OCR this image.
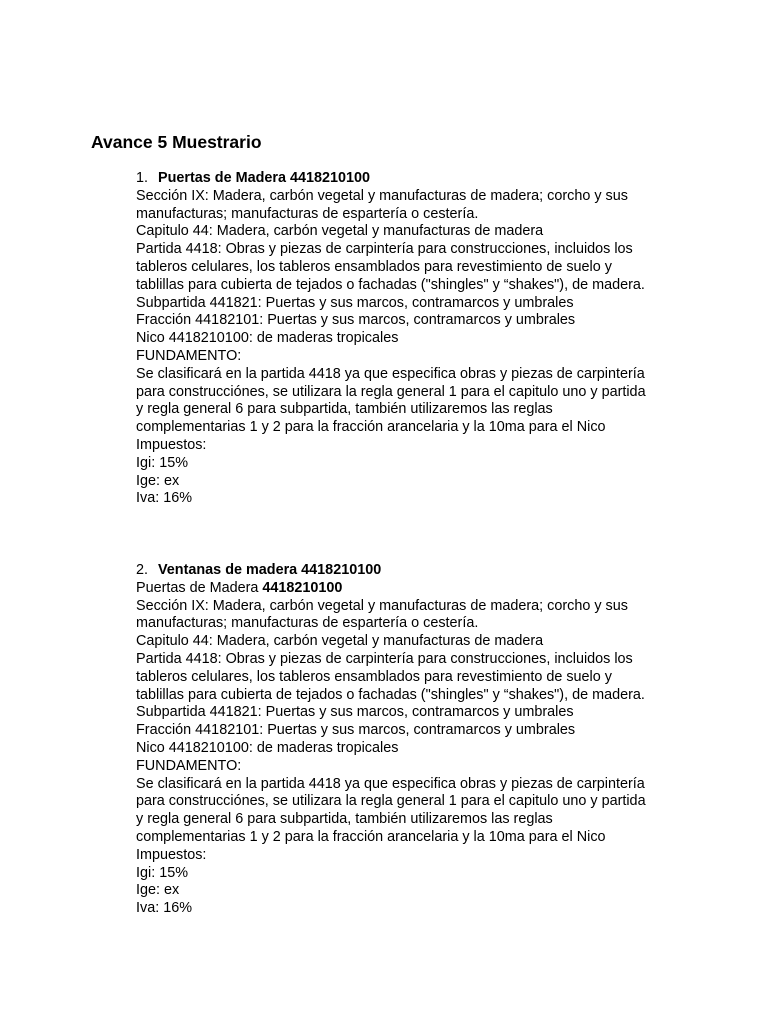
Avance 5 Muestrario
1. Puertas de Madera 4418210100
Sección IX: Madera, carbón vegetal y manufacturas de madera; corcho y sus
manufacturas; manufacturas de espartería o cestería.
Capitulo 44: Madera, carbón vegetal y manufacturas de madera
Partida 4418: Obras y piezas de carpintería para construcciones, incluidos los
tableros celulares, los tableros ensamblados para revestimiento de suelo y
tablillas para cubierta de tejados o fachadas ("shingles" y “shakes"), de madera.
Subpartida 441821: Puertas y sus marcos, contramarcos y umbrales
Fracción 44182101: Puertas y sus marcos, contramarcos y umbrales
Nico 4418210100: de maderas tropicales
FUNDAMENTO:
Se clasificará en la partida 4418 ya que especifica obras y piezas de carpintería
para construcciónes, se utilizara la regla general 1 para el capitulo uno y partida
y regla general 6 para subpartida, también utilizaremos las reglas
complementarias 1 y 2 para la fracción arancelaria y la 10ma para el Nico
Impuestos:
Igi: 15%
Ige: ex
Iva: 16%
2. Ventanas de madera 4418210100
Puertas de Madera 4418210100
Sección IX: Madera, carbón vegetal y manufacturas de madera; corcho y sus
manufacturas; manufacturas de espartería o cestería.
Capitulo 44: Madera, carbón vegetal y manufacturas de madera
Partida 4418: Obras y piezas de carpintería para construcciones, incluidos los
tableros celulares, los tableros ensamblados para revestimiento de suelo y
tablillas para cubierta de tejados o fachadas ("shingles" y “shakes"), de madera.
Subpartida 441821: Puertas y sus marcos, contramarcos y umbrales
Fracción 44182101: Puertas y sus marcos, contramarcos y umbrales
Nico 4418210100: de maderas tropicales
FUNDAMENTO:
Se clasificará en la partida 4418 ya que especifica obras y piezas de carpintería
para construcciónes, se utilizara la regla general 1 para el capitulo uno y partida
y regla general 6 para subpartida, también utilizaremos las reglas
complementarias 1 y 2 para la fracción arancelaria y la 10ma para el Nico
Impuestos:
Igi: 15%
Ige: ex
Iva: 16%
